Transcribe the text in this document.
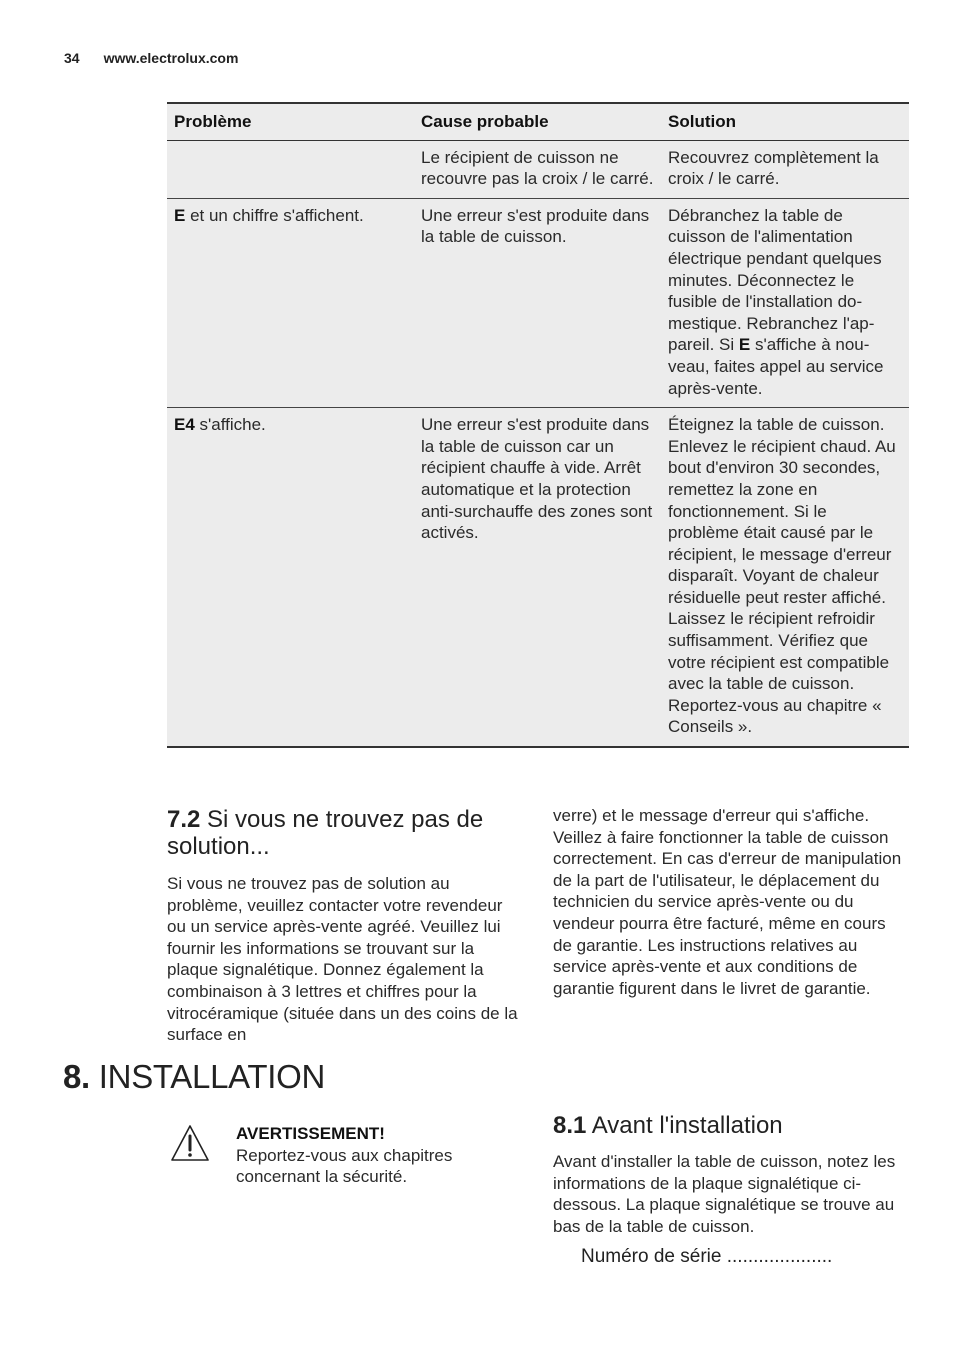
34 www.electrolux.com
Problème	Cause probable	Solution
	Le récipient de cuisson ne recouvre pas la croix / le carré.	Recouvrez complètement la croix / le carré.
E et un chiffre s'affichent.	Une erreur s'est produite dans la table de cuisson.	Débranchez la table de cuisson de l'alimentation électrique pendant quelques minutes. Déconnectez le fusible de l'installation domestique. Rebranchez l'appareil. Si E s'affiche à nouveau, faites appel au service après-vente.
E4 s'affiche.	Une erreur s'est produite dans la table de cuisson car un récipient chauffe à vide. Arrêt automatique et la protection anti-surchauffe des zones sont activés.	Éteignez la table de cuisson. Enlevez le récipient chaud. Au bout d'environ 30 secondes, remettez la zone en fonctionnement. Si le problème était causé par le récipient, le message d'erreur disparaît. Voyant de chaleur résiduelle peut rester affiché. Laissez le récipient refroidir suffisamment. Vérifiez que votre récipient est compatible avec la table de cuisson. Reportez-vous au chapitre « Conseils ».
7.2 Si vous ne trouvez pas de solution...

Si vous ne trouvez pas de solution au problème, veuillez contacter votre revendeur ou un service après-vente agréé. Veuillez lui fournir les informations se trouvant sur la plaque signalétique. Donnez également la combinaison à 3 lettres et chiffres pour la vitrocéramique (située dans un des coins de la surface en

verre) et le message d'erreur qui s'affiche. Veillez à faire fonctionner la table de cuisson correctement. En cas d'erreur de manipulation de la part de l'utilisateur, le déplacement du technicien du service après-vente ou du vendeur pourra être facturé, même en cours de garantie. Les instructions relatives au service après-vente et aux conditions de garantie figurent dans le livret de garantie.

8. INSTALLATION
AVERTISSEMENT!
Reportez-vous aux chapitres concernant la sécurité.
8.1 Avant l'installation

Avant d'installer la table de cuisson, notez les informations de la plaque signalétique ci-dessous. La plaque signalétique se trouve au bas de la table de cuisson.

Numéro de série ....................
